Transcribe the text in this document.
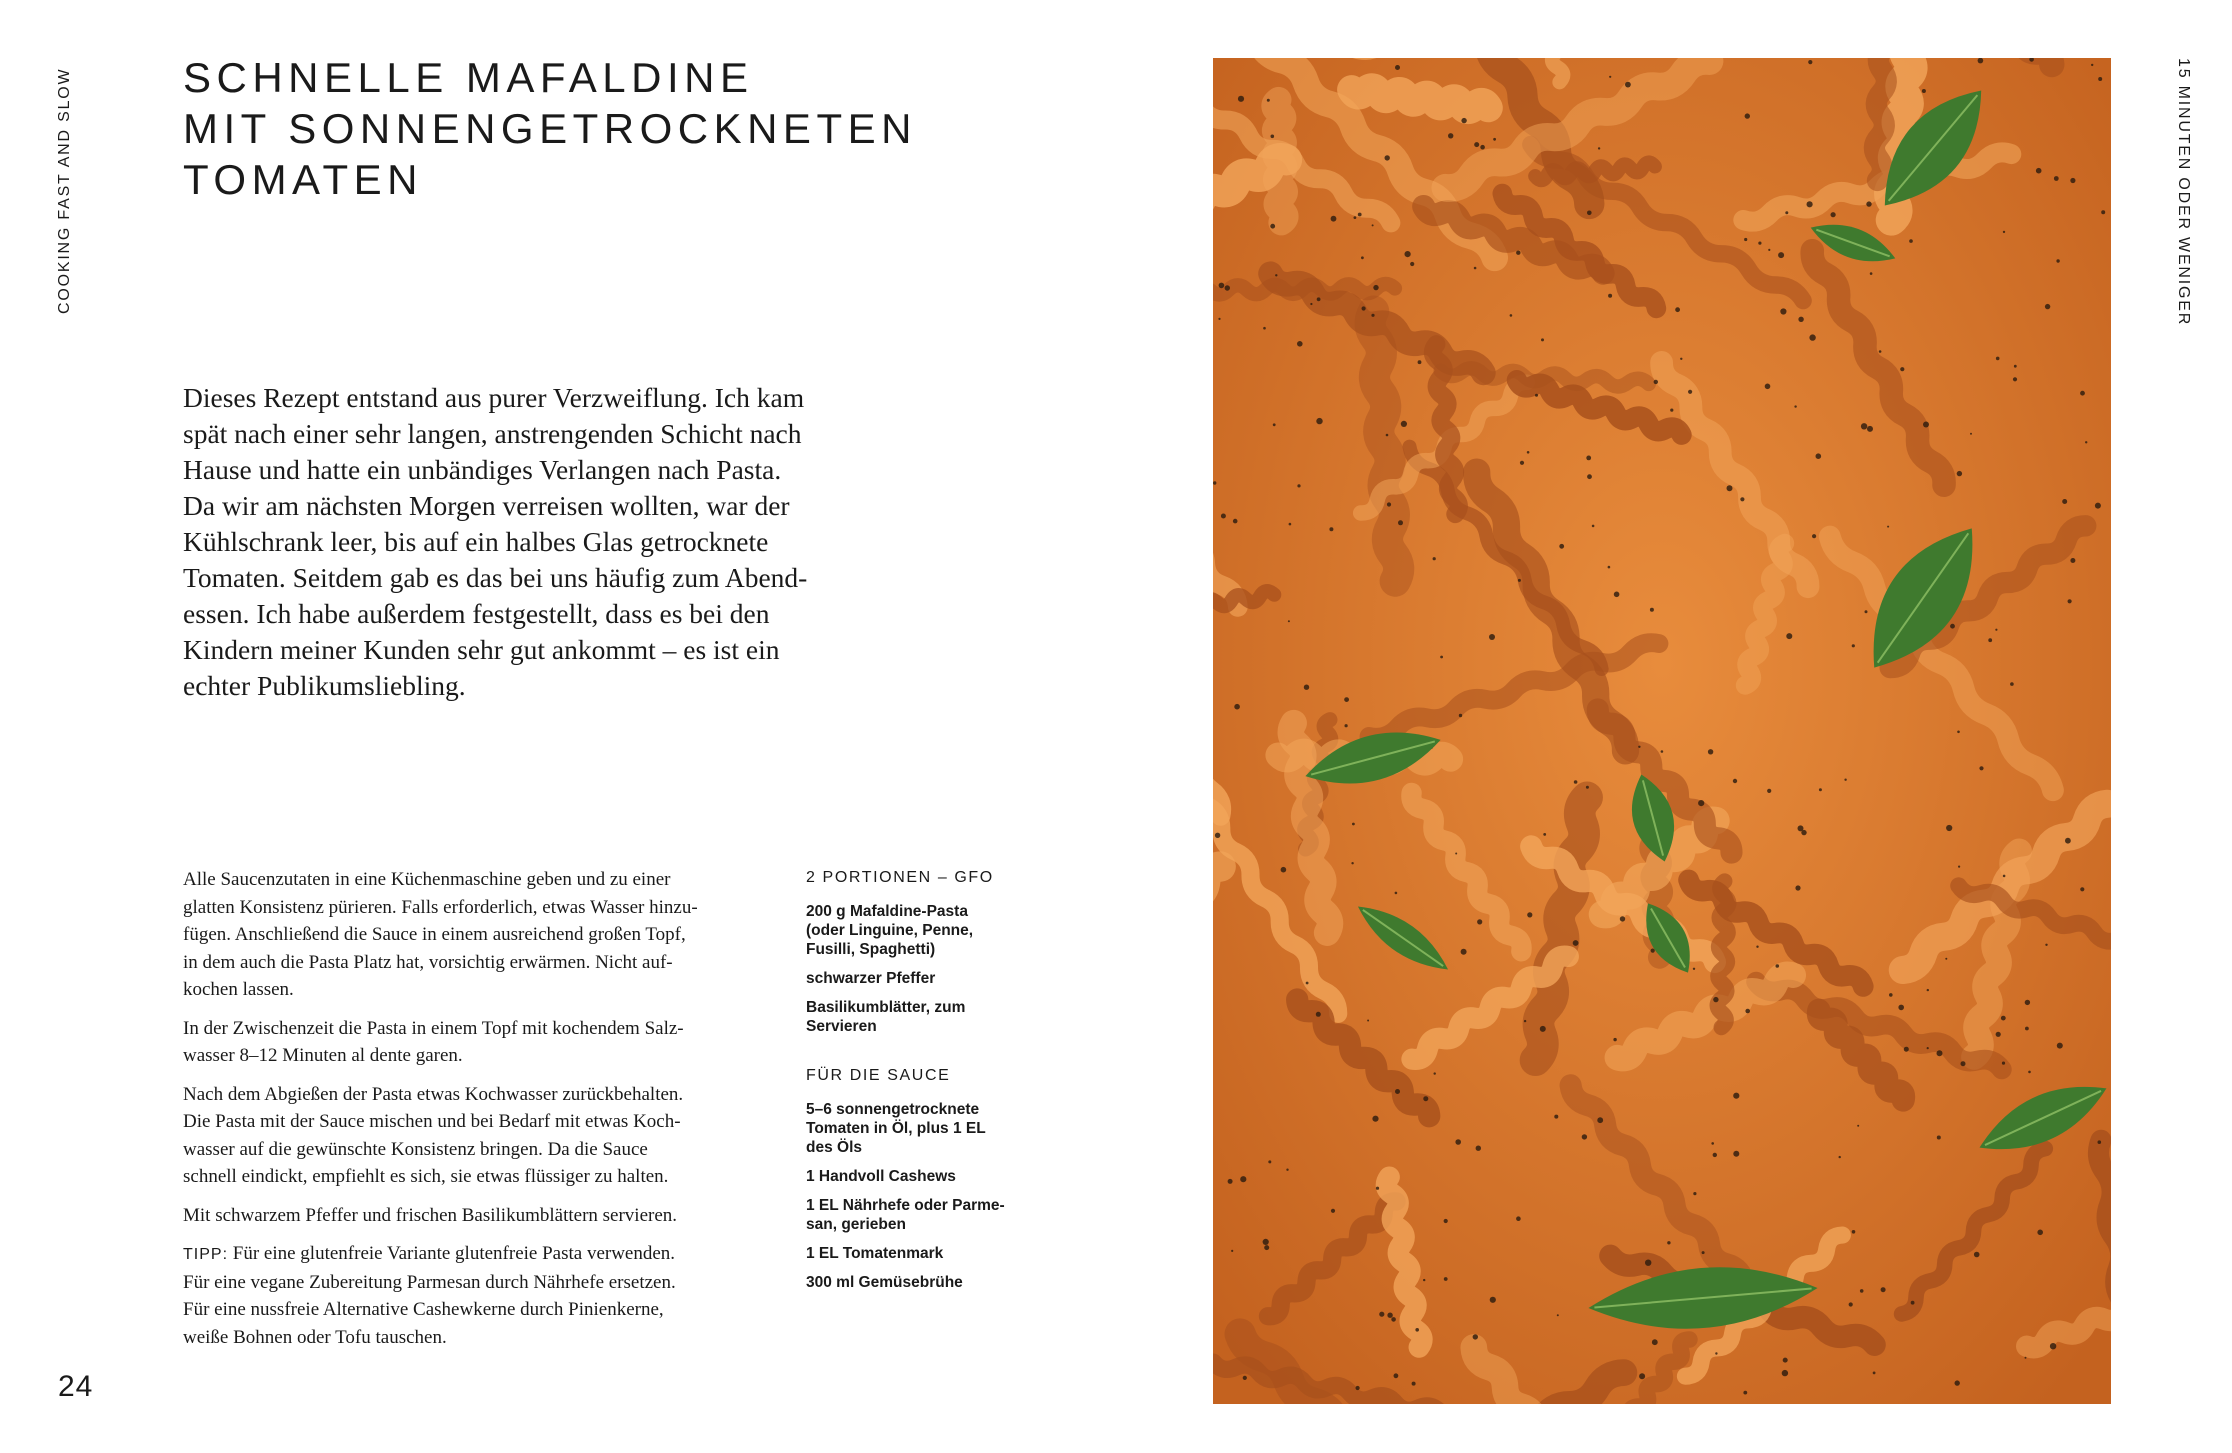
COOKING FAST AND SLOW	15 MINUTEN ODER WENIGER
SCHNELLE MAFALDINE
MIT SONNENGETROCKNETEN
TOMATEN
Dieses Rezept entstand aus purer Verzweiflung. Ich kam
spät nach einer sehr langen, anstrengenden Schicht nach
Hause und hatte ein unbändiges Verlangen nach Pasta.
Da wir am nächsten Morgen verreisen wollten, war der
Kühlschrank leer, bis auf ein halbes Glas getrocknete
Tomaten. Seitdem gab es das bei uns häufig zum Abend-
essen. Ich habe außerdem festgestellt, dass es bei den
Kindern meiner Kunden sehr gut ankommt – es ist ein
echter Publikumsliebling.

Alle Saucenzutaten in eine Küchenmaschine geben und zu einer
glatten Konsistenz pürieren. Falls erforderlich, etwas Wasser hinzu-
fügen. Anschließend die Sauce in einem ausreichend großen Topf,
in dem auch die Pasta Platz hat, vorsichtig erwärmen. Nicht auf-
kochen lassen.

In der Zwischenzeit die Pasta in einem Topf mit kochendem Salz-
wasser 8–12 Minuten al dente garen.

Nach dem Abgießen der Pasta etwas Kochwasser zurückbehalten.
Die Pasta mit der Sauce mischen und bei Bedarf mit etwas Koch-
wasser auf die gewünschte Konsistenz bringen. Da die Sauce
schnell eindickt, empfiehlt es sich, sie etwas flüssiger zu halten.

Mit schwarzem Pfeffer und frischen Basilikumblättern servieren.

TIPP: Für eine glutenfreie Variante glutenfreie Pasta verwenden.
Für eine vegane Zubereitung Parmesan durch Nährhefe ersetzen.
Für eine nussfreie Alternative Cashewkerne durch Pinienkerne,
weiße Bohnen oder Tofu tauschen.

2 PORTIONEN – GFO
200 g Mafaldine-Pasta
(oder Linguine, Penne,
Fusilli, Spaghetti)
schwarzer Pfeffer
Basilikumblätter, zum
Servieren
FÜR DIE SAUCE
5–6 sonnengetrocknete
Tomaten in Öl, plus 1 EL
des Öls
1 Handvoll Cashews
1 EL Nährhefe oder Parme-
san, gerieben
1 EL Tomatenmark
300 ml Gemüsebrühe
24
